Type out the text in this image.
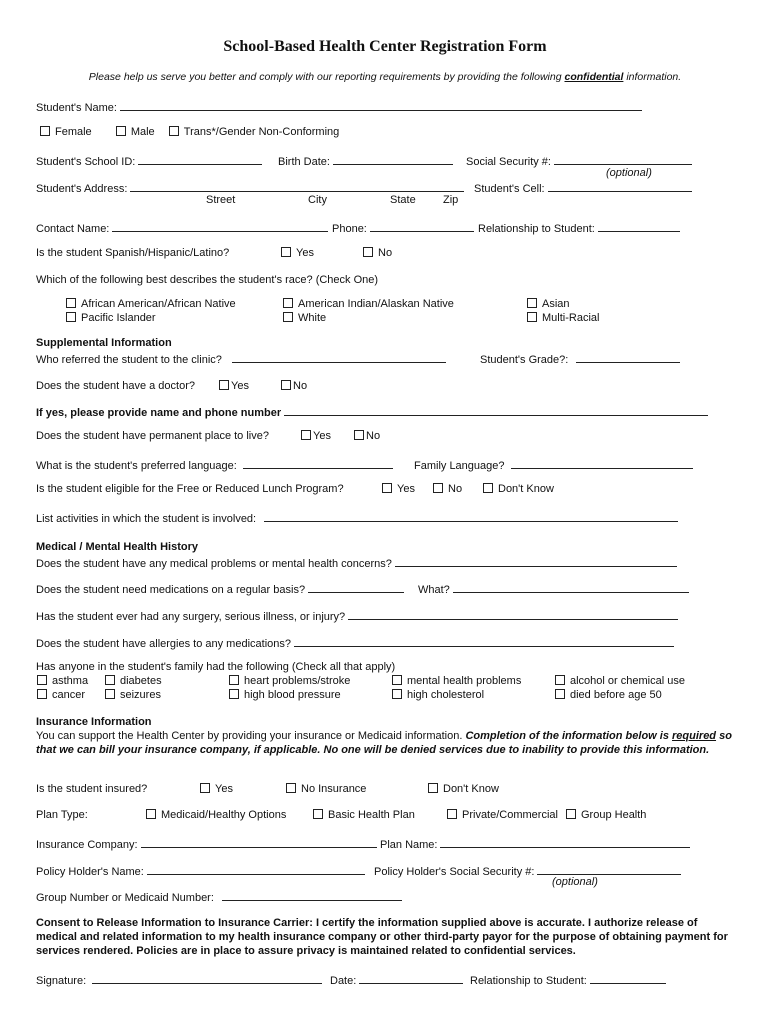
School-Based Health Center Registration Form
Please help us serve you better and comply with our reporting requirements by providing the following confidential information.
Student's Name:
Female	Male	Trans*/Gender Non-Conforming
Student's School ID:	Birth Date:	Social Security #:
(optional)
Student's Address:	Student's Cell:
Street	City	State Zip
Contact Name:	Phone:	Relationship to Student:
Is the student Spanish/Hispanic/Latino?	Yes	No
Which of the following best describes the student's race? (Check One)
African American/African Native	American Indian/Alaskan Native	Asian
Pacific Islander	White	Multi-Racial
Supplemental Information
Who referred the student to the clinic?	Student's Grade?:
Does the student have a doctor?	Yes	No
If yes, please provide name and phone number
Does the student have permanent place to live?	Yes	No
What is the student's preferred language:	Family Language?
Is the student eligible for the Free or Reduced Lunch Program?	Yes	No	Don't Know
List activities in which the student is involved:
Medical / Mental Health History
Does the student have any medical problems or mental health concerns?
Does the student need medications on a regular basis?	What?
Has the student ever had any surgery, serious illness, or injury?
Does the student have allergies to any medications?
Has anyone in the student's family had the following (Check all that apply)
asthma	diabetes	heart problems/stroke	mental health problems	alcohol or chemical use
cancer	seizures	high blood pressure	high cholesterol	died before age 50
Insurance Information
You can support the Health Center by providing your insurance or Medicaid information. Completion of the information below is required so that we can bill your insurance company, if applicable. No one will be denied services due to inability to provide this information.
Is the student insured?	Yes	No Insurance	Don't Know
Plan Type:	Medicaid/Healthy Options	Basic Health Plan	Private/Commercial	Group Health
Insurance Company:	Plan Name:
Policy Holder's Name:	Policy Holder's Social Security #:
(optional)
Group Number or Medicaid Number:
Consent to Release Information to Insurance Carrier: I certify the information supplied above is accurate. I authorize release of medical and related information to my health insurance company or other third-party payor for the purpose of obtaining payment for services rendered. Policies are in place to assure privacy is maintained related to confidential services.
Signature:	Date:	Relationship to Student:
